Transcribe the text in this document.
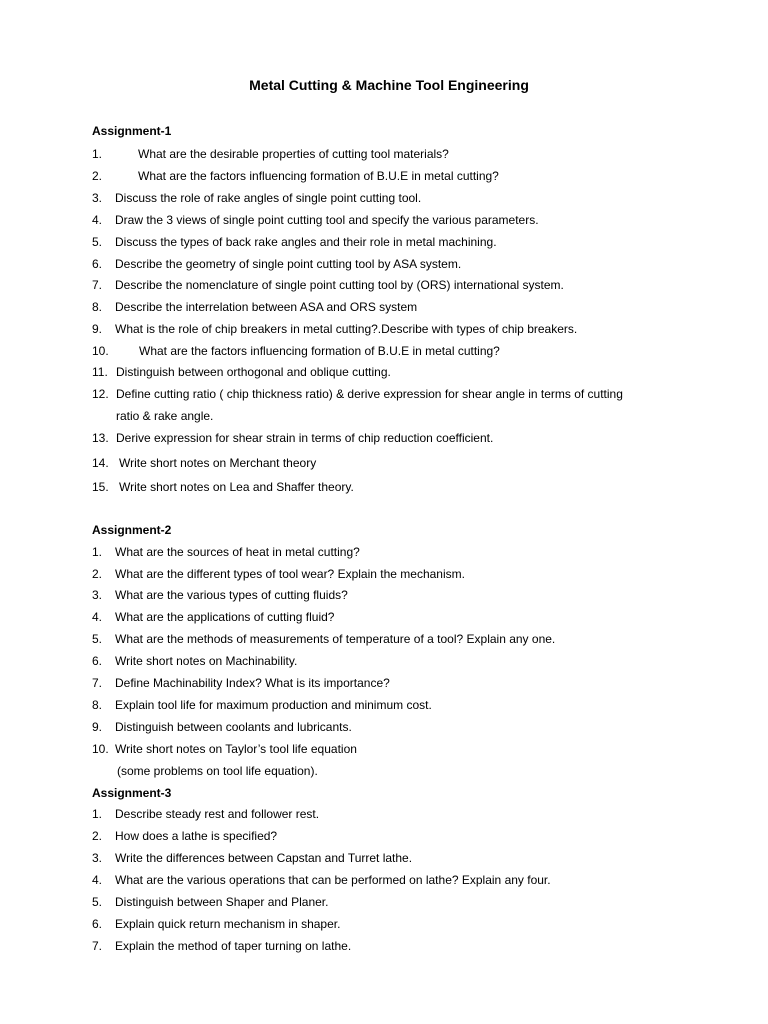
Metal Cutting & Machine Tool Engineering
Assignment-1
1.	What are the desirable properties of cutting tool materials?
2.	What are the factors influencing formation of B.U.E in metal cutting?
3. Discuss the role of rake angles of single point cutting tool.
4. Draw the 3 views of single point cutting tool and specify the various parameters.
5. Discuss the types of back rake angles and their role in metal machining.
6. Describe the geometry of single point cutting tool by ASA system.
7. Describe the nomenclature of single point cutting tool by (ORS) international system.
8. Describe the interrelation between ASA and ORS system
9. What is the role of chip breakers in metal cutting?.Describe with types of chip breakers.
10.	What are the factors influencing formation of B.U.E in metal cutting?
11. Distinguish between orthogonal and oblique cutting.
12. Define cutting ratio ( chip thickness ratio) & derive expression for shear angle in terms of cutting
ratio & rake angle.
13. Derive expression for shear strain in terms of chip reduction coefficient.
14. Write short notes on Merchant theory
15. Write short notes on Lea and Shaffer theory.
Assignment-2
1. What are the sources of heat in metal cutting?
2. What are the different types of tool wear? Explain the mechanism.
3. What are the various types of cutting fluids?
4. What are the applications of cutting fluid?
5. What are the methods of measurements of temperature of a tool? Explain any one.
6. Write short notes on Machinability.
7. Define Machinability Index? What is its importance?
8. Explain tool life for maximum production and minimum cost.
9. Distinguish between coolants and lubricants.
10. Write short notes on Taylor’s tool life equation
(some problems on tool life equation).
Assignment-3
1. Describe steady rest and follower rest.
2. How does a lathe is specified?
3. Write the differences between Capstan and Turret lathe.
4. What are the various operations that can be performed on lathe? Explain any four.
5. Distinguish between Shaper and Planer.
6. Explain quick return mechanism in shaper.
7. Explain the method of taper turning on lathe.
